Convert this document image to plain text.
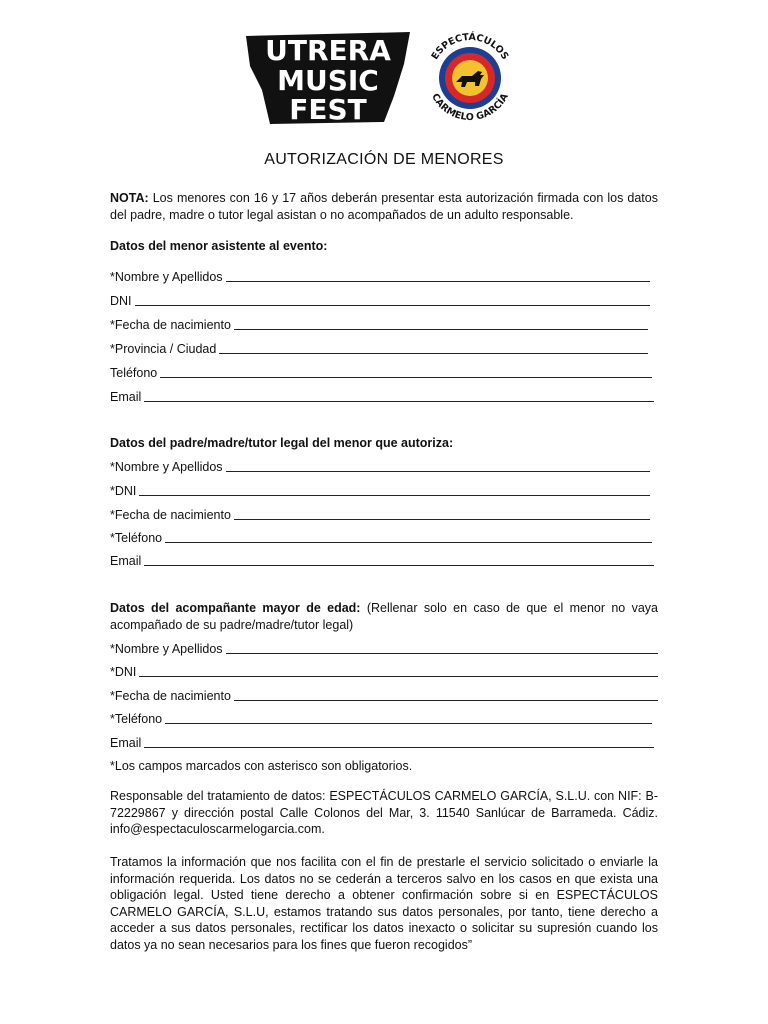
UTRERA
MUSIC
FEST
ESPECTÁCULOS
CARMELO GARCÍA
AUTORIZACIÓN DE MENORES
NOTA: Los menores con 16 y 17 años deberán presentar esta autorización firmada con los datos del padre, madre o tutor legal asistan o no acompañados de un adulto responsable.
Datos del menor asistente al evento:
*Nombre y Apellidos
DNI
*Fecha de nacimiento
*Provincia / Ciudad
Teléfono
Email
Datos del padre/madre/tutor legal del menor que autoriza:
*Nombre y Apellidos
*DNI
*Fecha de nacimiento
*Teléfono
Email
Datos del acompañante mayor de edad: (Rellenar solo en caso de que el menor no vaya acompañado de su padre/madre/tutor legal)
*Nombre y Apellidos
*DNI
*Fecha de nacimiento
*Teléfono
Email
*Los campos marcados con asterisco son obligatorios.
Responsable del tratamiento de datos: ESPECTÁCULOS CARMELO GARCÍA, S.L.U. con NIF: B-72229867 y dirección postal Calle Colonos del Mar, 3. 11540 Sanlúcar de Barrameda. Cádiz. info@espectaculoscarmelogarcia.com.
Tratamos la información que nos facilita con el fin de prestarle el servicio solicitado o enviarle la información requerida. Los datos no se cederán a terceros salvo en los casos en que exista una obligación legal. Usted tiene derecho a obtener confirmación sobre si en ESPECTÁCULOS CARMELO GARCÍA, S.L.U, estamos tratando sus datos personales, por tanto, tiene derecho a acceder a sus datos personales, rectificar los datos inexacto o solicitar su supresión cuando los datos ya no sean necesarios para los fines que fueron recogidos”
